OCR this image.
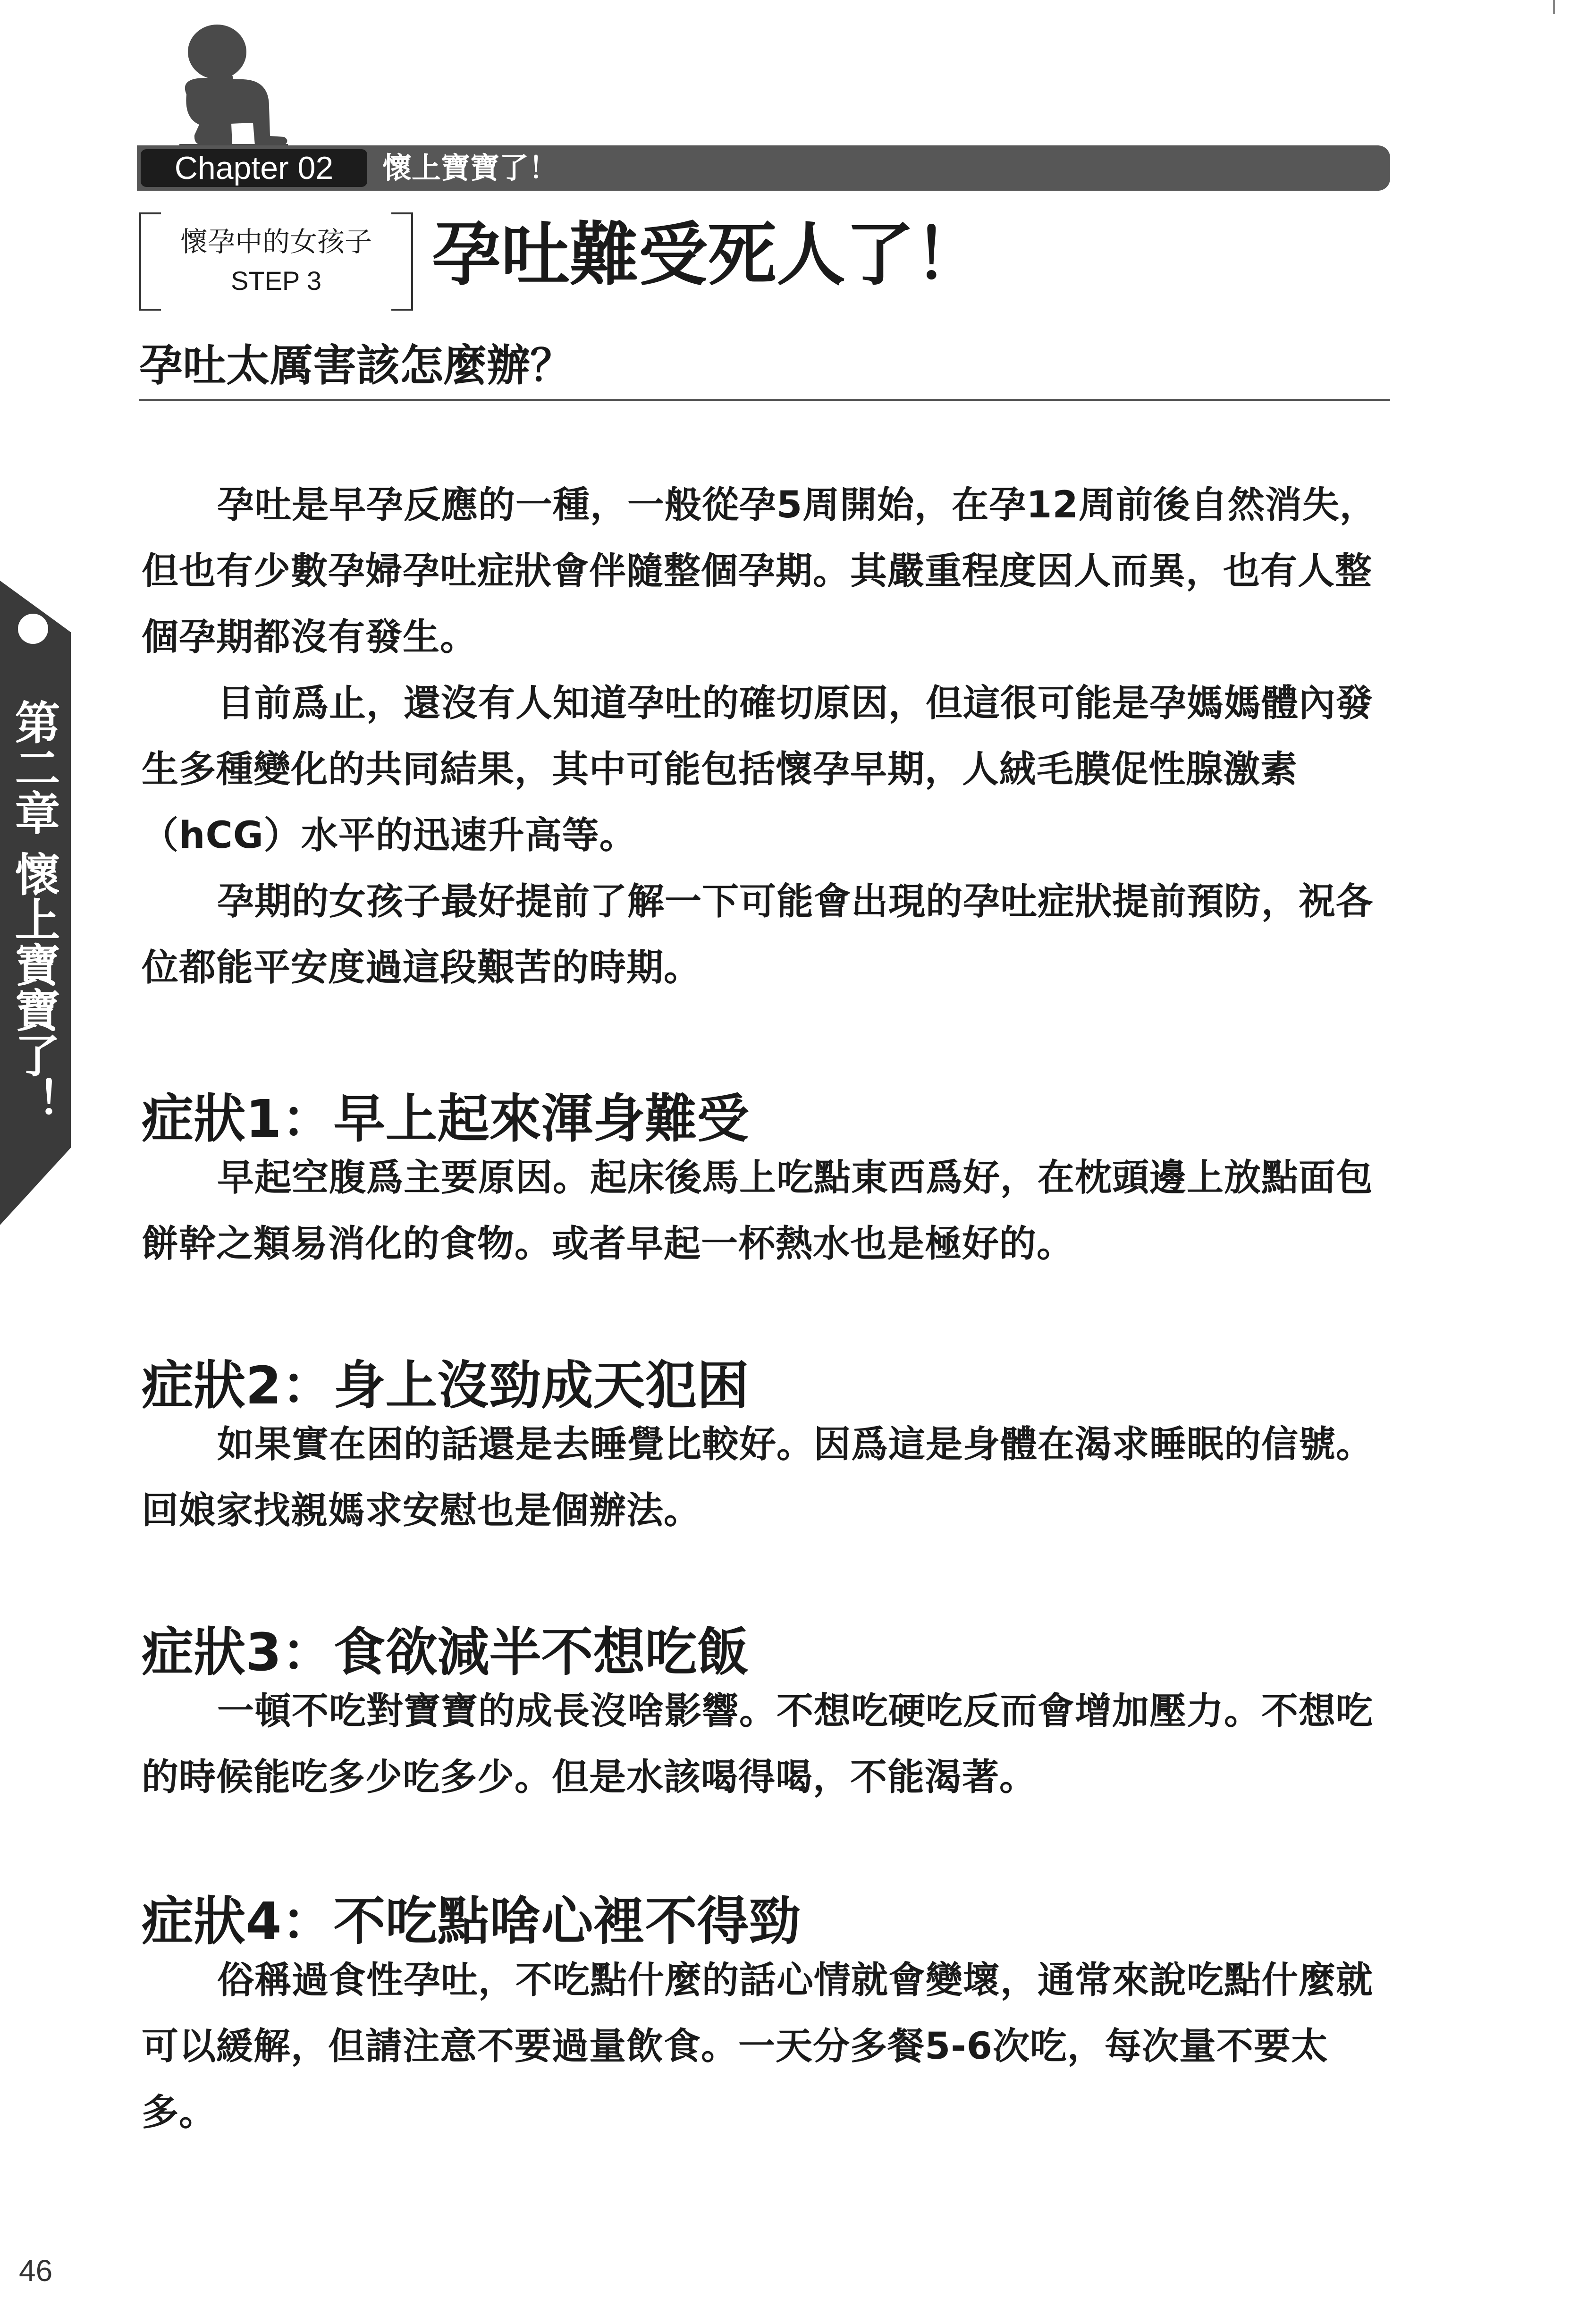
Chapter 02	懷上寶寶了！
懷孕中的女孩子
STEP 3	孕吐難受死人了！
孕吐太厲害該怎麼辦？

孕吐是早孕反應的一種，一般從孕5周開始，在孕12周前後自然消失，但也有少數孕婦孕吐症狀會伴隨整個孕期。其嚴重程度因人而異，也有人整個孕期都沒有發生。

目前爲止，還沒有人知道孕吐的確切原因，但這很可能是孕媽媽體內發生多種變化的共同結果，其中可能包括懷孕早期，人絨毛膜促性腺激素（hCG）水平的迅速升高等。

孕期的女孩子最好提前了解一下可能會出現的孕吐症狀提前預防，祝各位都能平安度過這段艱苦的時期。

症狀1：早上起來渾身難受

早起空腹爲主要原因。起床後馬上吃點東西爲好，在枕頭邊上放點面包餅幹之類易消化的食物。或者早起一杯熱水也是極好的。

症狀2：身上沒勁成天犯困

如果實在困的話還是去睡覺比較好。因爲這是身體在渴求睡眠的信號。回娘家找親媽求安慰也是個辦法。

症狀3：食欲減半不想吃飯

一頓不吃對寶寶的成長沒啥影響。不想吃硬吃反而會增加壓力。不想吃的時候能吃多少吃多少。但是水該喝得喝，不能渴著。

症狀4：不吃點啥心裡不得勁

俗稱過食性孕吐，不吃點什麼的話心情就會變壞，通常來說吃點什麼就可以緩解，但請注意不要過量飲食。一天分多餐5-6次吃，每次量不要太多。

第二章 懷上寶寶了！
46
